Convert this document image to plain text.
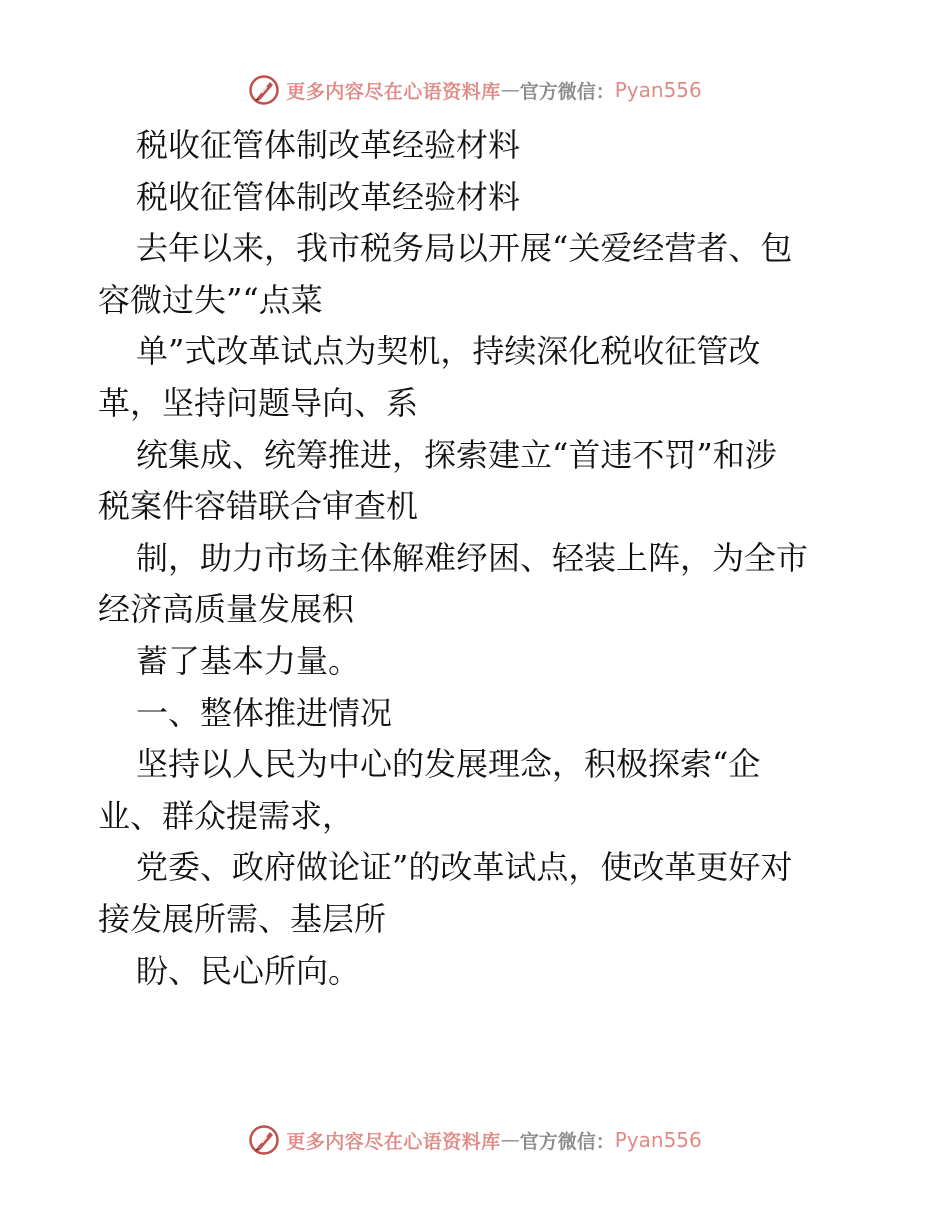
更多内容尽在心语资料库 — 官方微信： Pyan556
税收征管体制改革经验材料
税收征管体制改革经验材料
去年以来，我市税务局以开展“关爱经营者、包
容微过失”“点菜
单”式改革试点为契机，持续深化税收征管改
革，坚持问题导向、系
统集成、统筹推进，探索建立“首违不罚”和涉
税案件容错联合审查机
制，助力市场主体解难纾困、轻装上阵，为全市
经济高质量发展积
蓄了基本力量。
一、整体推进情况
坚持以人民为中心的发展理念，积极探索“企
业、群众提需求，
党委、政府做论证”的改革试点，使改革更好对
接发展所需、基层所
盼、民心所向。
更多内容尽在心语资料库 — 官方微信： Pyan556
